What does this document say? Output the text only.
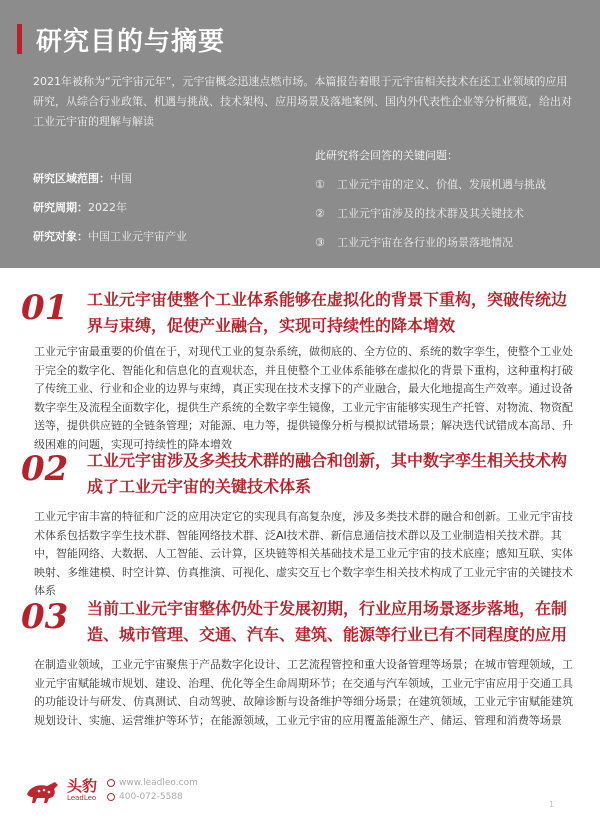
研究目的与摘要
2021年被称为“元宇宙元年”，元宇宙概念迅速点燃市场。本篇报告着眼于元宇宙相关技术在还工业领域的应用研究，从综合行业政策、机遇与挑战、技术架构、应用场景及落地案例、国内外代表性企业等分析概览，给出对工业元宇宙的理解与解读
研究区域范围：中国
研究周期：2022年
研究对象：中国工业元宇宙产业
此研究将会回答的关键问题：
①	工业元宇宙的定义、价值、发展机遇与挑战
②	工业元宇宙涉及的技术群及其关键技术
③	工业元宇宙在各行业的场景落地情况
01	工业元宇宙使整个工业体系能够在虚拟化的背景下重构，突破传统边界与束缚，促使产业融合，实现可持续性的降本增效
工业元宇宙最重要的价值在于，对现代工业的复杂系统，做彻底的、全方位的、系统的数字孪生，使整个工业处于完全的数字化、智能化和信息化的直观状态，并且使整个工业体系能够在虚拟化的背景下重构，这种重构打破了传统工业、行业和企业的边界与束缚，真正实现在技术支撑下的产业融合，最大化地提高生产效率。通过设备数字孪生及流程全面数字化，提供生产系统的全数字孪生镜像，工业元宇宙能够实现生产托管、对物流、物资配送等，提供供应链的全链条管理；对能源、电力等，提供镜像分析与模拟试错场景；解决迭代试错成本高昂、升级困难的问题，实现可持续性的降本增效
02	工业元宇宙涉及多类技术群的融合和创新，其中数字孪生相关技术构成了工业元宇宙的关键技术体系
工业元宇宙丰富的特征和广泛的应用决定它的实现具有高复杂度，涉及多类技术群的融合和创新。工业元宇宙技术体系包括数字孪生技术群、智能网络技术群、泛AI技术群、新信息通信技术群以及工业制造相关技术群。其中，智能网络、大数据、人工智能、云计算，区块链等相关基础技术是工业元宇宙的技术底座；感知互联、实体映射、多维建模、时空计算、仿真推演、可视化、虚实交互七个数字孪生相关技术构成了工业元宇宙的关键技术体系
03	当前工业元宇宙整体仍处于发展初期，行业应用场景逐步落地，在制造、城市管理、交通、汽车、建筑、能源等行业已有不同程度的应用
在制造业领域，工业元宇宙聚焦于产品数字化设计、工艺流程管控和重大设备管理等场景；在城市管理领域，工业元宇宙赋能城市规划、建设、治理、优化等全生命周期环节；在交通与汽车领域，工业元宇宙应用于交通工具的功能设计与研发、仿真测试、自动驾驶、故障诊断与设备维护等细分场景；在建筑领域，工业元宇宙赋能建筑规划设计、实施、运营维护等环节；在能源领域，工业元宇宙的应用覆盖能源生产、储运、管理和消费等场景
头豹
LeadLeo
www.leadleo.com
400-072-5588
1
